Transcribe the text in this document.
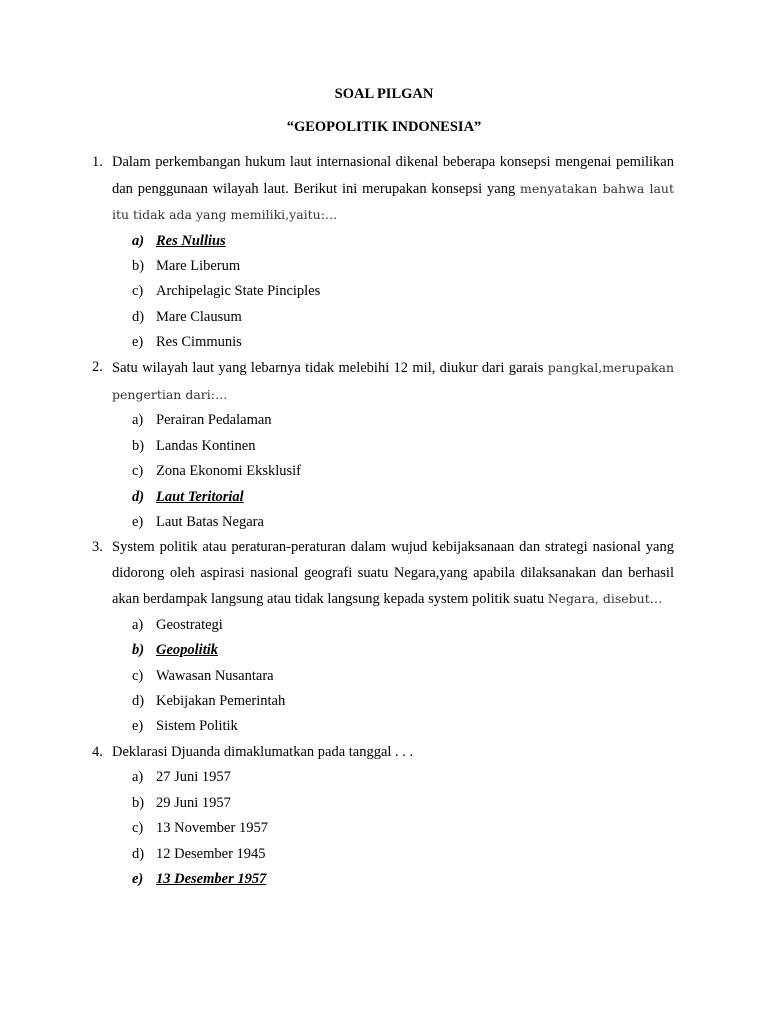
SOAL PILGAN
“GEOPOLITIK INDONESIA”
1. Dalam perkembangan hukum laut internasional dikenal beberapa konsepsi mengenai pemilikan dan penggunaan wilayah laut. Berikut ini merupakan konsepsi yang menyatakan bahwa laut itu tidak ada yang memiliki,yaitu:…
a) Res Nullius
b) Mare Liberum
c) Archipelagic State Pinciples
d) Mare Clausum
e) Res Cimmunis
2. Satu wilayah laut yang lebarnya tidak melebihi 12 mil, diukur dari garais pangkal,merupakan pengertian dari:…
a) Perairan Pedalaman
b) Landas Kontinen
c) Zona Ekonomi Eksklusif
d) Laut Teritorial
e) Laut Batas Negara
3. System politik atau peraturan-peraturan dalam wujud kebijaksanaan dan strategi nasional yang didorong oleh aspirasi nasional geografi suatu Negara,yang apabila dilaksanakan dan berhasil akan berdampak langsung atau tidak langsung kepada system politik suatu Negara, disebut…
a) Geostrategi
b) Geopolitik
c) Wawasan Nusantara
d) Kebijakan Pemerintah
e) Sistem Politik
4. Deklarasi Djuanda dimaklumatkan pada tanggal . . .
a) 27 Juni 1957
b) 29 Juni 1957
c) 13 November 1957
d) 12 Desember 1945
e) 13 Desember 1957
